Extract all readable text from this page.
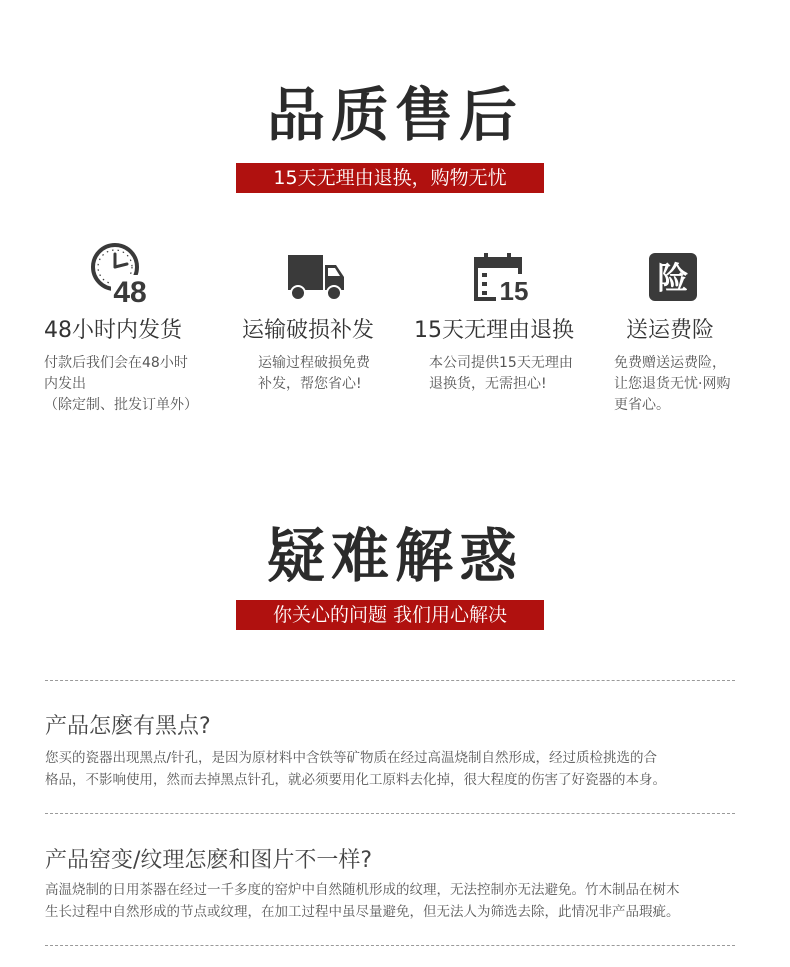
品质售后
15天无理由退换，购物无忧
48
48小时内发货
付款后我们会在48小时
内发出
（除定制、批发订单外）
运输破损补发
运输过程破损免费
补发，帮您省心!
15
15天无理由退换
本公司提供15天无理由
退换货，无需担心!
险
送运费险
免费赠送运费险，
让您退货无忧·网购
更省心。
疑难解惑
你关心的问题 我们用心解决
产品怎麽有黑点?
您买的瓷器出现黑点/针孔，是因为原材料中含铁等矿物质在经过高温烧制自然形成，经过质检挑选的合
格品，不影响使用，然而去掉黑点针孔，就必须要用化工原料去化掉，很大程度的伤害了好瓷器的本身。
产品窑变/纹理怎麽和图片不一样?
高温烧制的日用茶器在经过一千多度的窑炉中自然随机形成的纹理，无法控制亦无法避免。竹木制品在树木
生长过程中自然形成的节点或纹理，在加工过程中虽尽量避免，但无法人为筛选去除，此情况非产品瑕疵。
